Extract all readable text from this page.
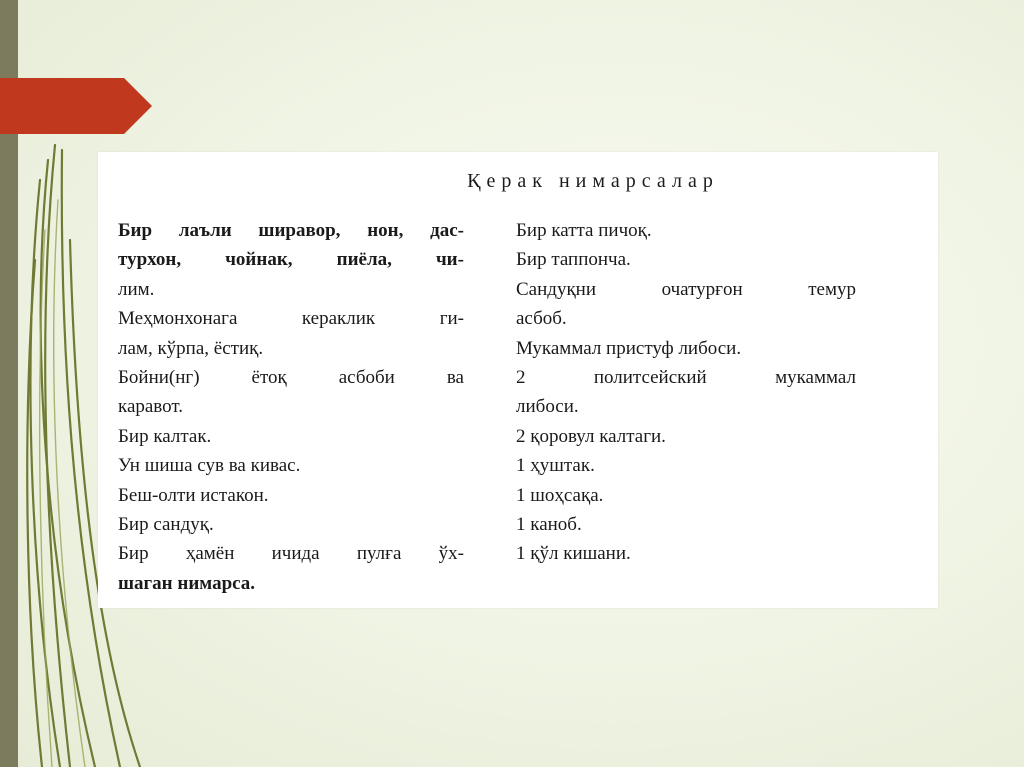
Қерак нимарсалар
Бир лаъли ширавор, нон, дас-
турхон, чойнак, пиёла, чи-
лим.
Меҳмонхонага	кераклик	ги-
лам, кўрпа, ёстиқ.
Бойни(нг)	ётоқ	асбоби	ва
каравот.
Бир калтак.
Ун шиша сув ва кивас.
Беш-олти истакон.
Бир сандуқ.
Бир ҳамён ичида пулға ўх-
шаган нимарса.
Бир катта пичоқ.
Бир таппонча.
Сандуқни	очатурғон	темур
асбоб.
Мукаммал пристуф либоси.
2	политсейский	мукаммал
либоси.
2 қоровул калтаги.
1 ҳуштак.
1 шоҳсақа.
1 каноб.
1 қўл кишани.
